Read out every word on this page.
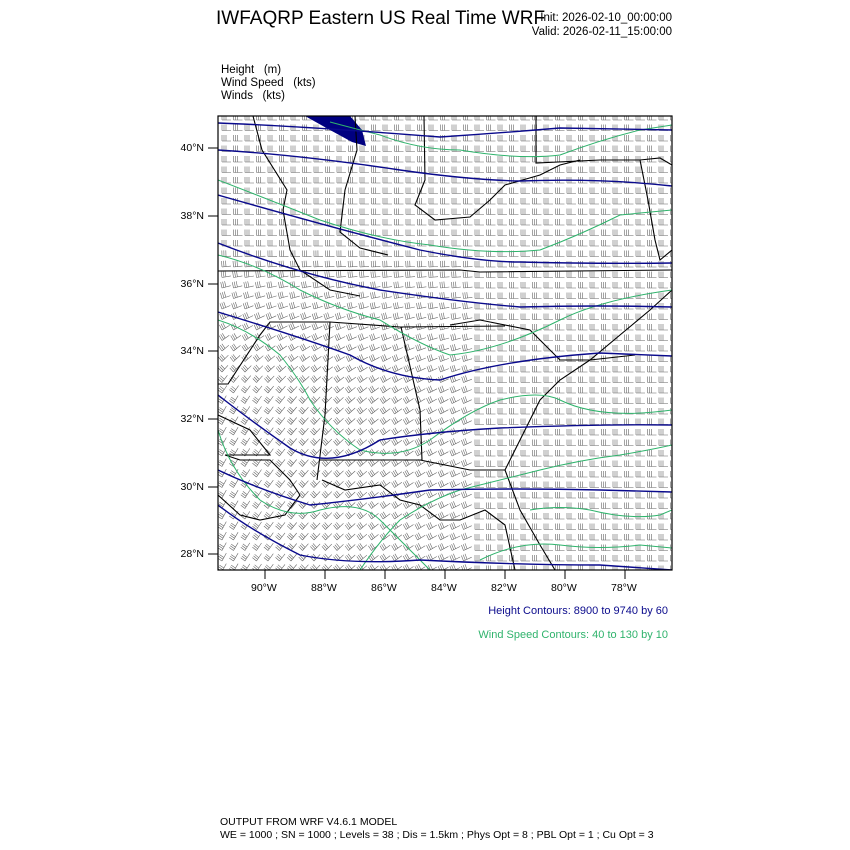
IWFAQRP Eastern US Real Time WRF
Init: 2026-02-10_00:00:00
Valid: 2026-02-11_15:00:00
Height (m)
Wind Speed (kts)
Winds (kts)
40°N
38°N
36°N
34°N
32°N
30°N
28°N
90°W	88°W	86°W	84°W	82°W	80°W	78°W
Height Contours: 8900 to 9740 by 60
Wind Speed Contours: 40 to 130 by 10
OUTPUT FROM WRF V4.6.1 MODEL
WE = 1000 ; SN = 1000 ; Levels = 38 ; Dis = 1.5km ; Phys Opt = 8 ; PBL Opt = 1 ; Cu Opt = 3
